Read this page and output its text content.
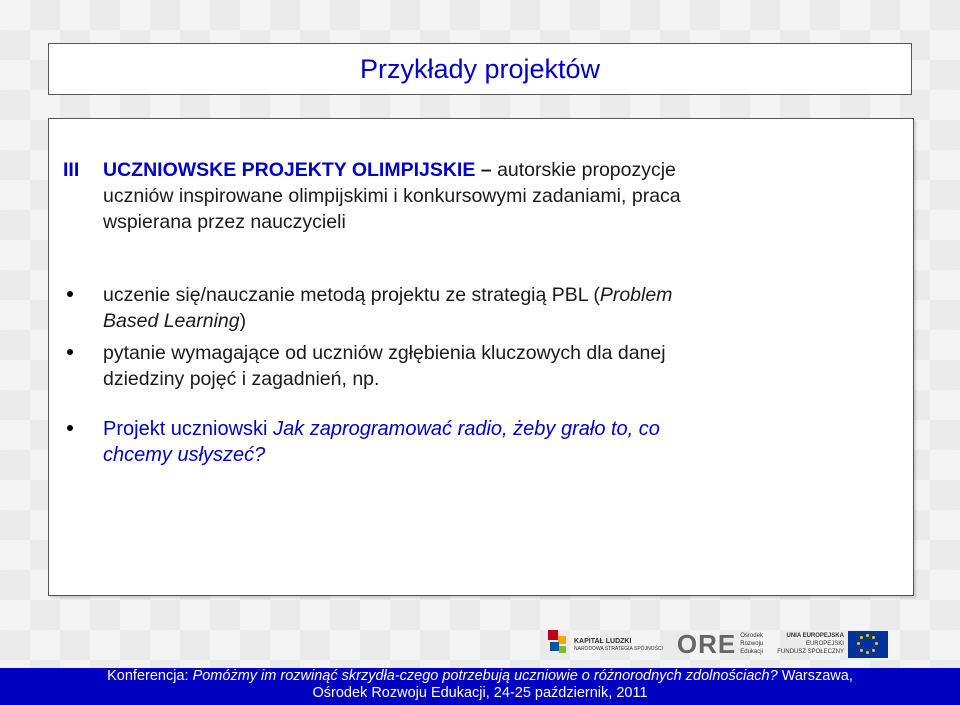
Przykłady projektów
III UCZNIOWSKE PROJEKTY OLIMPIJSKIE – autorskie propozycje
uczniów inspirowane olimpijskimi i konkursowymi zadaniami, praca
wspierana przez nauczycieli
uczenie się/nauczanie metodą projektu ze strategią PBL (Problem
Based Learning)
pytanie wymagające od uczniów zgłębienia kluczowych dla danej
dziedziny pojęć i zagadnień, np.
Projekt uczniowski Jak zaprogramować radio, żeby grało to, co
chcemy usłyszeć?
KAPITAŁ LUDZKI
NARODOWA STRATEGIA SPÓJNOŚCI ORE Ośrodek
Rozwoju
Edukacji
UNIA EUROPEJSKA
EUROPEJSKI
FUNDUSZ SPOŁECZNY
Konferencja: Pomóżmy im rozwinąć skrzydła-czego potrzebują uczniowie o różnorodnych zdolnościach? Warszawa,
Ośrodek Rozwoju Edukacji, 24-25 październik, 2011
